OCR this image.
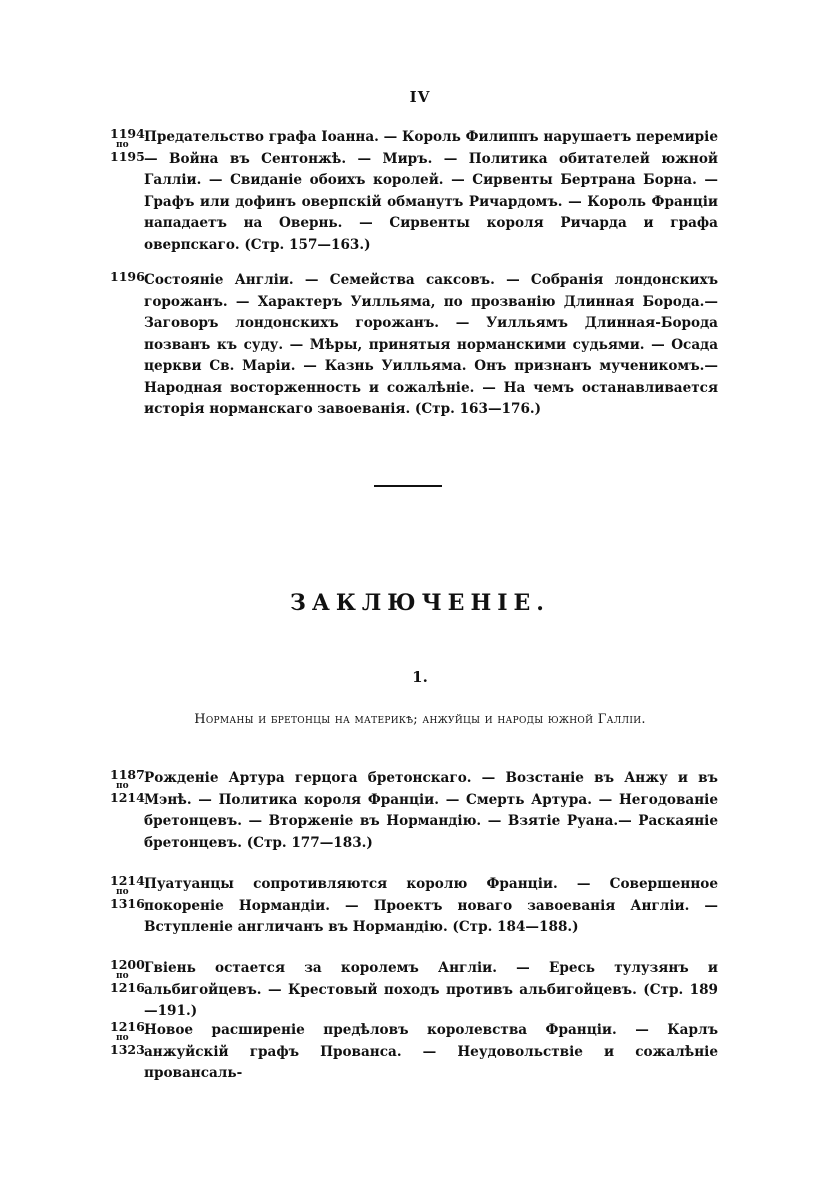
IV
1194
по
1195
Предательство графа Іоанна. — Король Филиппъ нарушаетъ перемиріе — Война въ Сентонжѣ. — Миръ. — Политика обитателей южной Галліи. — Свиданіе обоихъ королей. — Сирвенты Бертрана Борна. — Графъ или дофинъ оверпскій обманутъ Ричардомъ. — Король Франціи нападаетъ на Овернь. — Сирвенты короля Ричарда и графа оверпскаго. (Стр. 157—163.)
1196 Состояніе Англіи. — Семейства саксовъ. — Собранія лондонскихъ горожанъ. — Характеръ Уилльяма, по прозванію Длинная Борода.— Заговоръ лондонскихъ горожанъ. — Уилльямъ Длинная-Борода позванъ къ суду. — Мѣры, принятыя норманскими судьями. — Осада церкви Св. Маріи. — Казнь Уилльяма. Онъ признанъ мученикомъ.— Народная восторженность и сожалѣніе. — На чемъ останавливается исторія норманскаго завоеванія. (Стр. 163—176.)
ЗАКЛЮЧЕНІЕ.
1.
Норманы и бретонцы на материкѣ; анжуйцы и народы южной Галліи.
1187
по
1214
Рожденіе Артура герцога бретонскаго. — Возстаніе въ Анжу и въ Мэнѣ. — Политика короля Франціи. — Смерть Артура. — Негодованіе бретонцевъ. — Вторженіе въ Нормандію. — Взятіе Руана.— Раскаяніе бретонцевъ. (Стр. 177—183.)
1214
по
1316
Пуатуанцы сопротивляются королю Франціи. — Совершенное покореніе Нормандіи. — Проектъ новаго завоеванія Англіи. — Вступленіе англичанъ въ Нормандію. (Стр. 184—188.)
1200
по
1216
Гвіень остается за королемъ Англіи. — Ересь тулузянъ и альбигойцевъ. — Крестовый походъ противъ альбигойцевъ. (Стр. 189—191.)
1216
по
1323
Новое расширеніе предѣловъ королевства Франціи. — Карлъ анжуйскій графъ Прованса. — Неудовольствіе и сожалѣніе провансаль-
